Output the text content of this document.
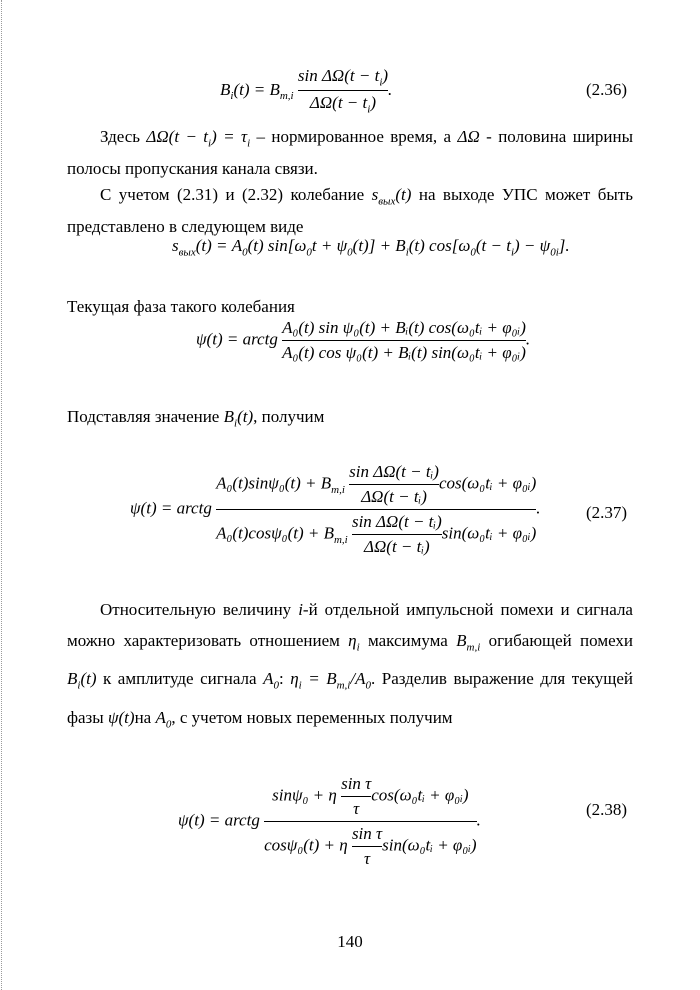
$B_i(t) = B_{m,i} \frac{\sin \Delta\Omega(t - t_i)}{\Delta\Omega(t - t_i)}$ .	(2.36)
Здесь $\Delta\Omega(t - t_i) = \tau_i$ – нормированное время, а ΔΩ - половина ширины полосы пропускания канала связи.
С учетом (2.31) и (2.32) колебание $s_{вых}(t)$ на выходе УПС может быть представлено в следующем виде
$s_{вых}(t) = A_0(t) \sin[\omega_0t + \psi_0(t)] + B_i(t) \cos[\omega_0(t - t_i) - \psi_{0i}]$.
Текущая фаза такого колебания
ψ(t) = arctg $\frac{\text{A₀(t) sin ψ₀(t) + Bᵢ(t) cos(ω₀tᵢ + φ₀ᵢ)}}{\text{A₀(t) cos ψ₀(t) + Bᵢ(t) sin(ω₀tᵢ + φ₀ᵢ)}}$ .
Подставляя значение $B_i(t)$, получим
ψ(t) = arctg
$A_0(t)\sin\psi_0(t) + B_{m,i} \frac{\text{sin ΔΩ(t − tᵢ)}}{\text{ΔΩ(t − tᵢ)}}$ cos(ω₀tᵢ + φ₀ᵢ)
$A_0(t)\cos\psi_0(t) + B_{m,i} \frac{\text{sin ΔΩ(t − tᵢ)}}{\text{ΔΩ(t − tᵢ)}}$ sin(ω₀tᵢ + φ₀ᵢ)
.	(2.37)
Относительную величину i-й отдельной импульсной помехи и сигнала можно характеризовать отношением $\eta_i$ максимума $B_{m,i}$ огибающей помехи $B_i(t)$ к амплитуде сигнала $A_0$: $\eta_i = B_{m,i}/A_0$. Разделив выражение для текущей фазы ψ(t)на $A_0$, с учетом новых переменных получим
ψ(t) = arctg $\frac{\sin\psi_0 + \eta \frac{\text{sin τ}}{\tau} \cos(\omega_0tᵢ + \varphi_0ᵢ)}{\cos\psi_0(t) + \eta \frac{\text{sin τ}}{\tau} \sin(\omega_0tᵢ + \varphi_0ᵢ)}$ .
(2.38)
140
